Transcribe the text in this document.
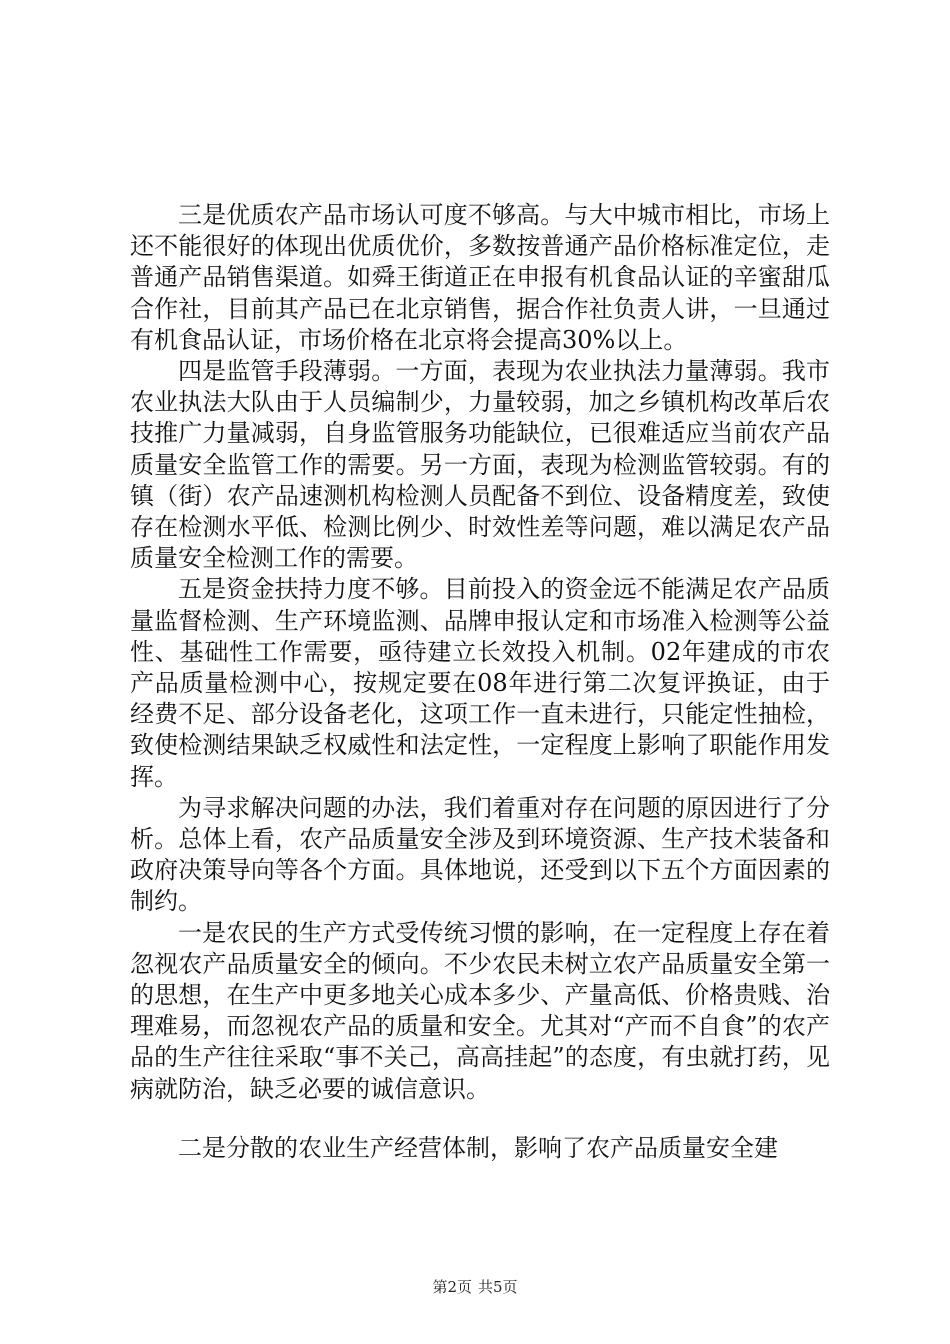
三是优质农产品市场认可度不够高。与大中城市相比，市场上还不能很好的体现出优质优价，多数按普通产品价格标准定位，走普通产品销售渠道。如舜王街道正在申报有机食品认证的辛蜜甜瓜合作社，目前其产品已在北京销售，据合作社负责人讲，一旦通过有机食品认证，市场价格在北京将会提高30%以上。

四是监管手段薄弱。一方面，表现为农业执法力量薄弱。我市农业执法大队由于人员编制少，力量较弱，加之乡镇机构改革后农技推广力量减弱，自身监管服务功能缺位，已很难适应当前农产品质量安全监管工作的需要。另一方面，表现为检测监管较弱。有的镇（街）农产品速测机构检测人员配备不到位、设备精度差，致使存在检测水平低、检测比例少、时效性差等问题，难以满足农产品质量安全检测工作的需要。

五是资金扶持力度不够。目前投入的资金远不能满足农产品质量监督检测、生产环境监测、品牌申报认定和市场准入检测等公益性、基础性工作需要，亟待建立长效投入机制。02年建成的市农产品质量检测中心，按规定要在08年进行第二次复评换证，由于经费不足、部分设备老化，这项工作一直未进行，只能定性抽检，致使检测结果缺乏权威性和法定性，一定程度上影响了职能作用发挥。

为寻求解决问题的办法，我们着重对存在问题的原因进行了分析。总体上看，农产品质量安全涉及到环境资源、生产技术装备和政府决策导向等各个方面。具体地说，还受到以下五个方面因素的制约。

一是农民的生产方式受传统习惯的影响，在一定程度上存在着忽视农产品质量安全的倾向。不少农民未树立农产品质量安全第一的思想，在生产中更多地关心成本多少、产量高低、价格贵贱、治理难易，而忽视农产品的质量和安全。尤其对“产而不自食”的农产品的生产往往采取“事不关己，高高挂起”的态度，有虫就打药，见病就防治，缺乏必要的诚信意识。

二是分散的农业生产经营体制，影响了农产品质量安全建

第2页 共5页
